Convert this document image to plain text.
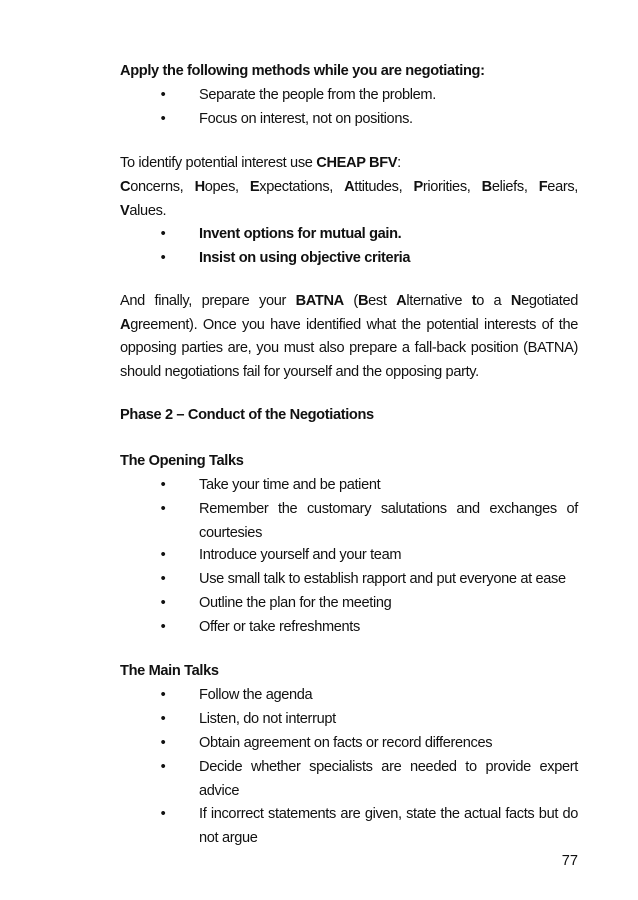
Apply the following methods while you are negotiating:
• Separate the people from the problem.
• Focus on interest, not on positions.
To identify potential interest use CHEAP BFV:
Concerns, Hopes, Expectations, Attitudes, Priorities, Beliefs, Fears, Values.
• Invent options for mutual gain.
• Insist on using objective criteria
And finally, prepare your BATNA (Best Alternative to a Negotiated Agreement). Once you have identified what the potential interests of the opposing parties are, you must also prepare a fall-back position (BATNA) should negotiations fail for yourself and the opposing party.
Phase 2 – Conduct of the Negotiations
The Opening Talks
• Take your time and be patient
• Remember the customary salutations and exchanges of courtesies
• Introduce yourself and your team
• Use small talk to establish rapport and put everyone at ease
• Outline the plan for the meeting
• Offer or take refreshments
The Main Talks
• Follow the agenda
• Listen, do not interrupt
• Obtain agreement on facts or record differences
• Decide whether specialists are needed to provide expert advice
• If incorrect statements are given, state the actual facts but do not argue
77
